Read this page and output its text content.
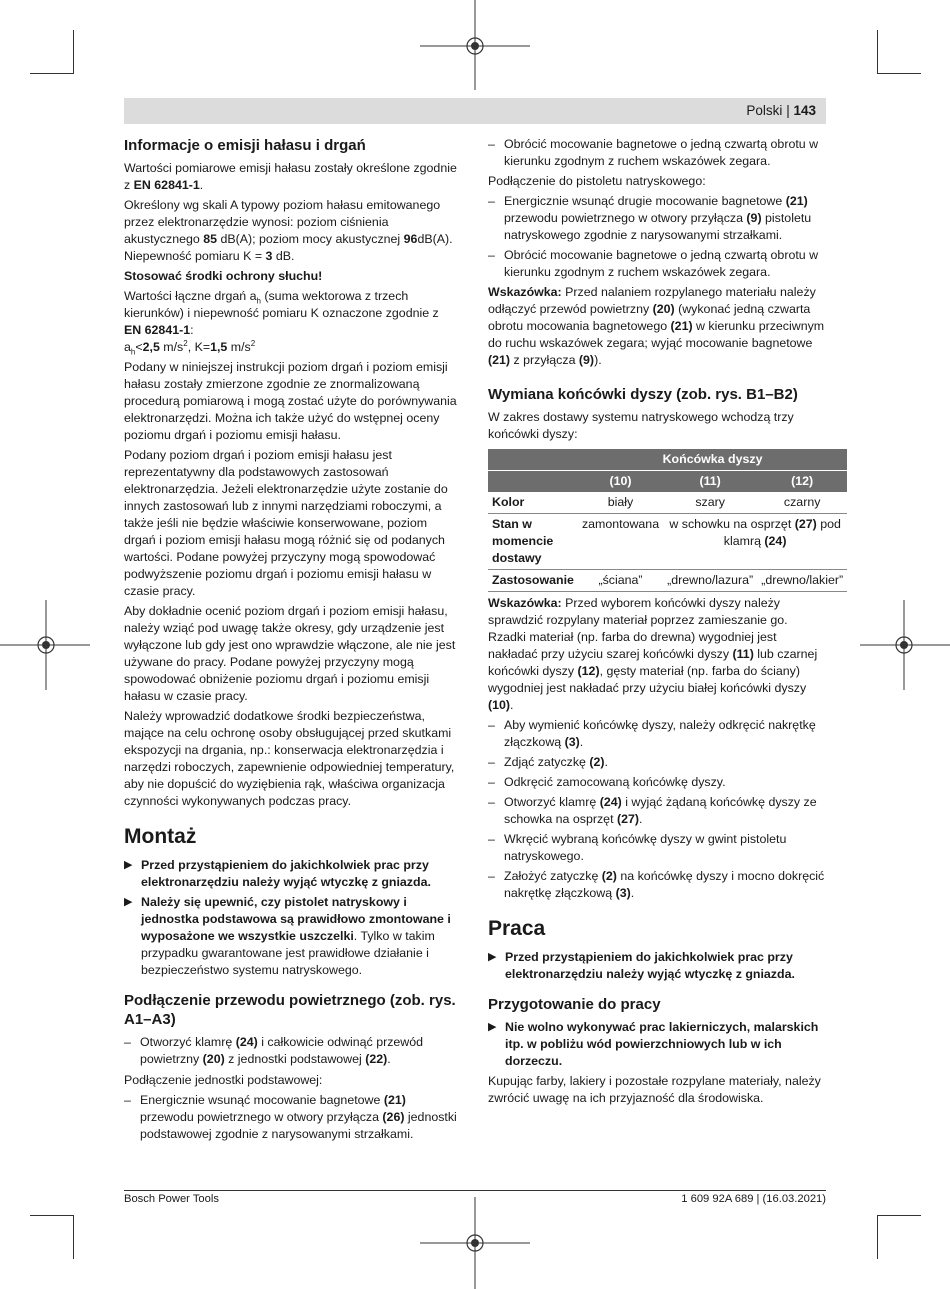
Polski | 143
Informacje o emisji hałasu i drgań

Wartości pomiarowe emisji hałasu zostały określone zgodnie z EN 62841-1.

Określony wg skali A typowy poziom hałasu emitowanego przez elektronarzędzie wynosi: poziom ciśnienia akustycznego 85 dB(A); poziom mocy akustycznej 96dB(A). Niepewność pomiaru K = 3 dB.

Stosować środki ochrony słuchu!

Wartości łączne drgań $a_h$ (suma wektorowa z trzech kierunków) i niepewność pomiaru K oznaczone zgodnie z

EN 62841-1:

$a_h<2,5$ $m/s^2$, K=1,5 $m/s^2$

Podany w niniejszej instrukcji poziom drgań i poziom emisji hałasu zostały zmierzone zgodnie ze znormalizowaną procedurą pomiarową i mogą zostać użyte do porównywania elektronarzędzi. Można ich także użyć do wstępnej oceny poziomu drgań i poziomu emisji hałasu.

Podany poziom drgań i poziom emisji hałasu jest reprezentatywny dla podstawowych zastosowań elektronarzędzia. Jeżeli elektronarzędzie użyte zostanie do innych zastosowań lub z innymi narzędziami roboczymi, a także jeśli nie będzie właściwie konserwowane, poziom drgań i poziom emisji hałasu mogą różnić się od podanych wartości. Podane powyżej przyczyny mogą spowodować podwyższenie poziomu drgań i poziomu emisji hałasu w czasie pracy.

Aby dokładnie ocenić poziom drgań i poziom emisji hałasu, należy wziąć pod uwagę także okresy, gdy urządzenie jest wyłączone lub gdy jest ono wprawdzie włączone, ale nie jest używane do pracy. Podane powyżej przyczyny mogą spowodować obniżenie poziomu drgań i poziomu emisji hałasu w czasie pracy.

Należy wprowadzić dodatkowe środki bezpieczeństwa, mające na celu ochronę osoby obsługującej przed skutkami ekspozycji na drgania, np.: konserwacja elektronarzędzia i narzędzi roboczych, zapewnienie odpowiedniej temperatury, aby nie dopuścić do wyziębienia rąk, właściwa organizacja czynności wykonywanych podczas pracy.

Montaż
▶ Przed przystąpieniem do jakichkolwiek prac przy elektronarzędziu należy wyjąć wtyczkę z gniazda.
▶ Należy się upewnić, czy pistolet natryskowy i jednostka podstawowa są prawidłowo zmontowane i wyposażone we wszystkie uszczelki. Tylko w takim przypadku gwarantowane jest prawidłowe działanie i bezpieczeństwo systemu natryskowego.
Podłączenie przewodu powietrznego (zob. rys. A1–A3)
– Otworzyć klamrę (24) i całkowicie odwinąć przewód powietrzny (20) z jednostki podstawowej (22).

Podłączenie jednostki podstawowej:

– Energicznie wsunąć mocowanie bagnetowe (21) przewodu powietrznego w otwory przyłącza (26) jednostki podstawowej zgodnie z narysowanymi strzałkami.
– Obrócić mocowanie bagnetowe o jedną czwartą obrotu w kierunku zgodnym z ruchem wskazówek zegara.

Podłączenie do pistoletu natryskowego:

– Energicznie wsunąć drugie mocowanie bagnetowe (21) przewodu powietrznego w otwory przyłącza (9) pistoletu natryskowego zgodnie z narysowanymi strzałkami.
– Obrócić mocowanie bagnetowe o jedną czwartą obrotu w kierunku zgodnym z ruchem wskazówek zegara.

Wskazówka: Przed nalaniem rozpylanego materiału należy odłączyć przewód powietrzny (20) (wykonać jedną czwarta obrotu mocowania bagnetowego (21) w kierunku przeciwnym do ruchu wskazówek zegara; wyjąć mocowanie bagnetowe (21) z przyłącza (9)).

Wymiana końcówki dyszy (zob. rys. B1–B2)

W zakres dostawy systemu natryskowego wchodzą trzy końcówki dyszy:

	Końcówka dyszy		
	(10)	(11)	(12)
Kolor	biały	szary	czarny
Stan w momencie dostawy	zamontowana	w schowku na osprzęt (27) pod klamrą (24)	
Zastosowanie	„ściana”	„drewno/lazura”	„drewno/lakier”

Wskazówka: Przed wyborem końcówki dyszy należy sprawdzić rozpylany materiał poprzez zamieszanie go. Rzadki materiał (np. farba do drewna) wygodniej jest nakładać przy użyciu szarej końcówki dyszy (11) lub czarnej końcówki dyszy (12), gęsty materiał (np. farba do ściany) wygodniej jest nakładać przy użyciu białej końcówki dyszy (10).

– Aby wymienić końcówkę dyszy, należy odkręcić nakrętkę złączkową (3).
– Zdjąć zatyczkę (2).
– Odkręcić zamocowaną końcówkę dyszy.
– Otworzyć klamrę (24) i wyjąć żądaną końcówkę dyszy ze schowka na osprzęt (27).
– Wkręcić wybraną końcówkę dyszy w gwint pistoletu natryskowego.
– Założyć zatyczkę (2) na końcówkę dyszy i mocno dokręcić nakrętkę złączkową (3).
Praca
▶ Przed przystąpieniem do jakichkolwiek prac przy elektronarzędziu należy wyjąć wtyczkę z gniazda.
Przygotowanie do pracy
▶ Nie wolno wykonywać prac lakierniczych, malarskich itp. w pobliżu wód powierzchniowych lub w ich dorzeczu.

Kupując farby, lakiery i pozostałe rozpylane materiały, należy zwrócić uwagę na ich przyjazność dla środowiska.

Bosch Power Tools	1 609 92A 689 | (16.03.2021)
